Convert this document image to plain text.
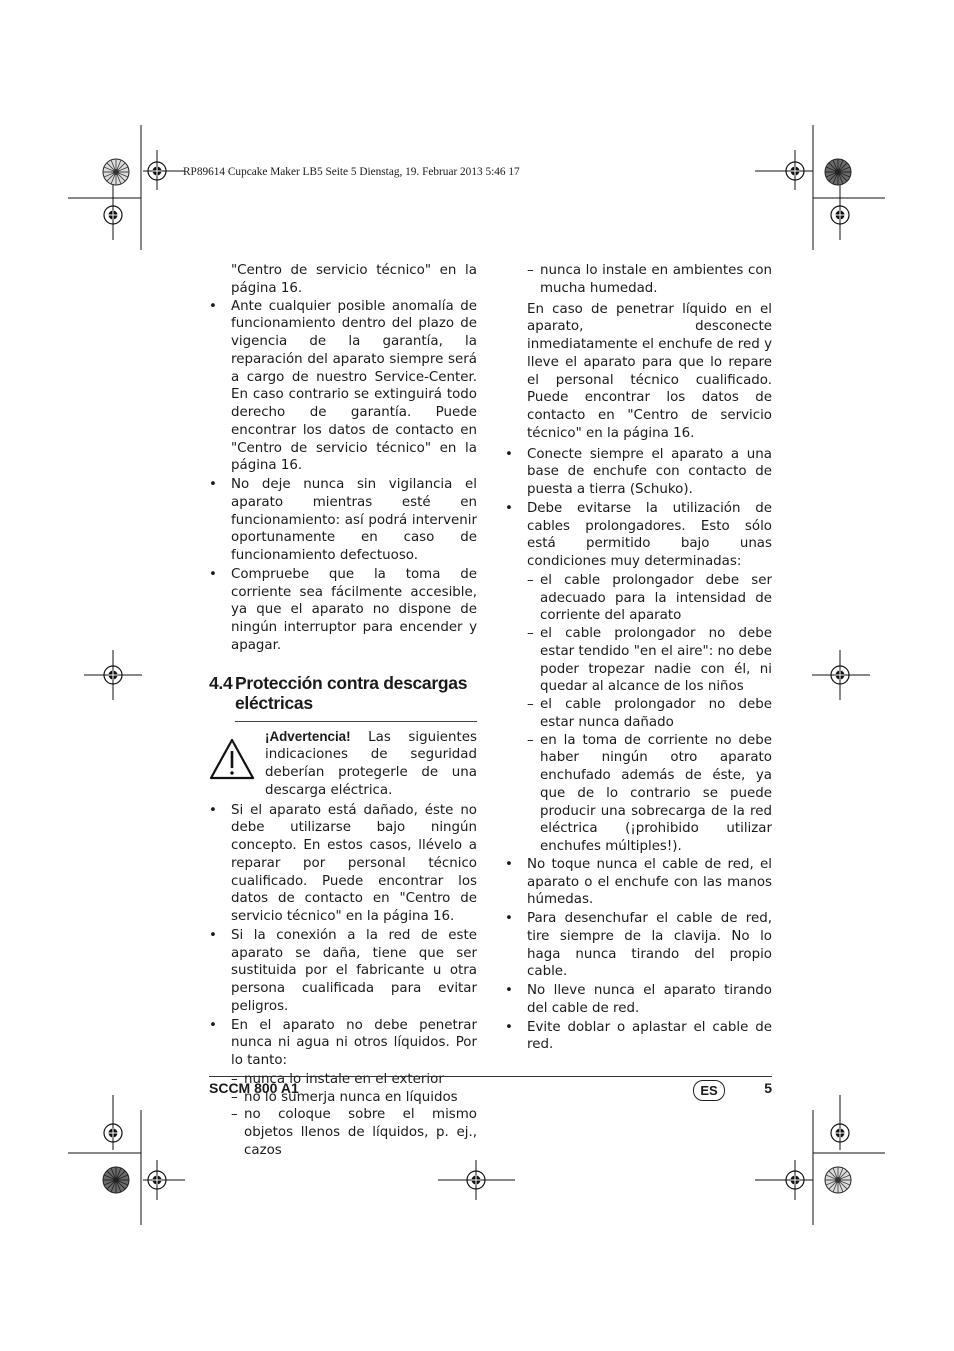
RP89614 Cupcake Maker LB5 Seite 5 Dienstag, 19. Februar 2013 5:46 17

"Centro de servicio técnico" en la página 16.

• Ante cualquier posible anomalía de funcionamiento dentro del plazo de vigencia de la garantía, la reparación del aparato siempre será a cargo de nuestro Service-Center. En caso contrario se extinguirá todo derecho de garantía. Puede encontrar los datos de contacto en "Centro de servicio técnico" en la página 16.

• No deje nunca sin vigilancia el aparato mientras esté en funcionamiento: así podrá intervenir oportunamente en caso de funcionamiento defectuoso.

• Compruebe que la toma de corriente sea fácilmente accesible, ya que el aparato no dispone de ningún interruptor para encender y apagar.

4.4 Protección contra descargas
eléctricas

¡Advertencia! Las siguientes indicaciones de seguridad deberían protegerle de una descarga eléctrica.

• Si el aparato está dañado, éste no debe utilizarse bajo ningún concepto. En estos casos, llévelo a reparar por personal técnico cualificado. Puede encontrar los datos de contacto en "Centro de servicio técnico" en la página 16.

• Si la conexión a la red de este aparato se daña, tiene que ser sustituida por el fabricante u otra persona cualificada para evitar peligros.

• En el aparato no debe penetrar nunca ni agua ni otros líquidos. Por lo tanto:

– nunca lo instale en el exterior

– no lo sumerja nunca en líquidos

– no coloque sobre el mismo objetos llenos de líquidos, p. ej., cazos

– nunca lo instale en ambientes con mucha humedad.

En caso de penetrar líquido en el aparato, desconecte inmediatamente el enchufe de red y lleve el aparato para que lo repare el personal técnico cualificado. Puede encontrar los datos de contacto en "Centro de servicio técnico" en la página 16.

• Conecte siempre el aparato a una base de enchufe con contacto de puesta a tierra (Schuko).

• Debe evitarse la utilización de cables prolongadores. Esto sólo está permitido bajo unas condiciones muy determinadas:

– el cable prolongador debe ser adecuado para la intensidad de corriente del aparato

– el cable prolongador no debe estar tendido "en el aire": no debe poder tropezar nadie con él, ni quedar al alcance de los niños

– el cable prolongador no debe estar nunca dañado

– en la toma de corriente no debe haber ningún otro aparato enchufado además de éste, ya que de lo contrario se puede producir una sobrecarga de la red eléctrica (¡prohibido utilizar enchufes múltiples!).

• No toque nunca el cable de red, el aparato o el enchufe con las manos húmedas.

• Para desenchufar el cable de red, tire siempre de la clavija. No lo haga nunca tirando del propio cable.

• No lleve nunca el aparato tirando del cable de red.

• Evite doblar o aplastar el cable de red.

SCCM 800 A1	ES	5
